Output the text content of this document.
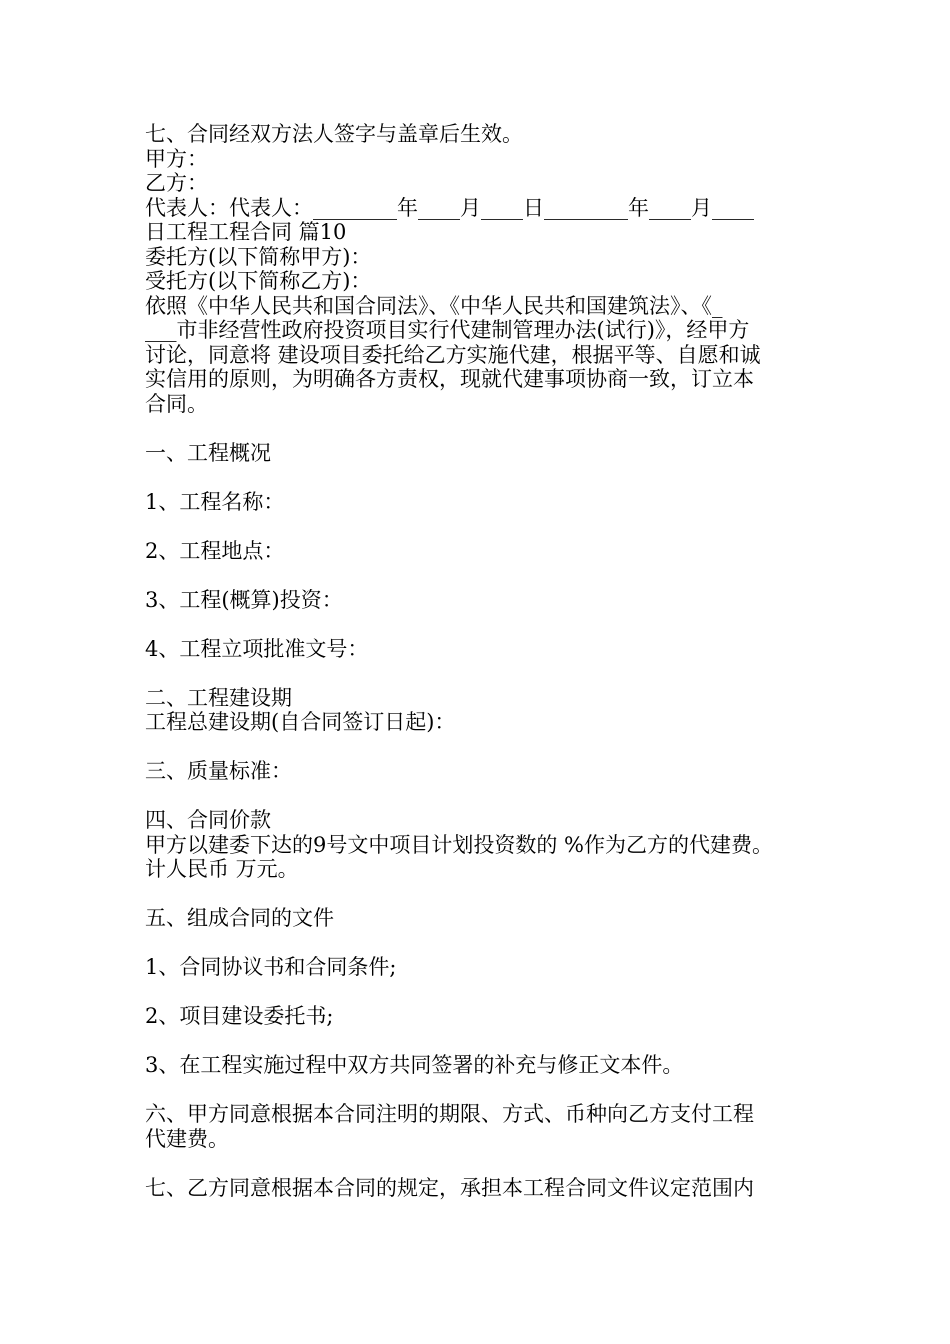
七、合同经双方法人签字与盖章后生效。
甲方：
乙方：
代表人：代表人：________年____月____日________年____月____
日工程工程合同 篇10
委托方(以下简称甲方)：
受托方(以下简称乙方)：
依照《中华人民共和国合同法》、《中华人民共和国建筑法》、《_
___市非经营性政府投资项目实行代建制管理办法(试行)》，经甲方
讨论，同意将 建设项目委托给乙方实施代建，根据平等、自愿和诚
实信用的原则，为明确各方责权，现就代建事项协商一致，订立本
合同。
一、工程概况
1、工程名称：
2、工程地点：
3、工程(概算)投资：
4、工程立项批准文号：
二、工程建设期
工程总建设期(自合同签订日起)：
三、质量标准：
四、合同价款
甲方以建委下达的9号文中项目计划投资数的 %作为乙方的代建费。
计人民币 万元。
五、组成合同的文件
1、合同协议书和合同条件;
2、项目建设委托书;
3、在工程实施过程中双方共同签署的补充与修正文本件。
六、甲方同意根据本合同注明的期限、方式、币种向乙方支付工程
代建费。
七、乙方同意根据本合同的规定，承担本工程合同文件议定范围内
